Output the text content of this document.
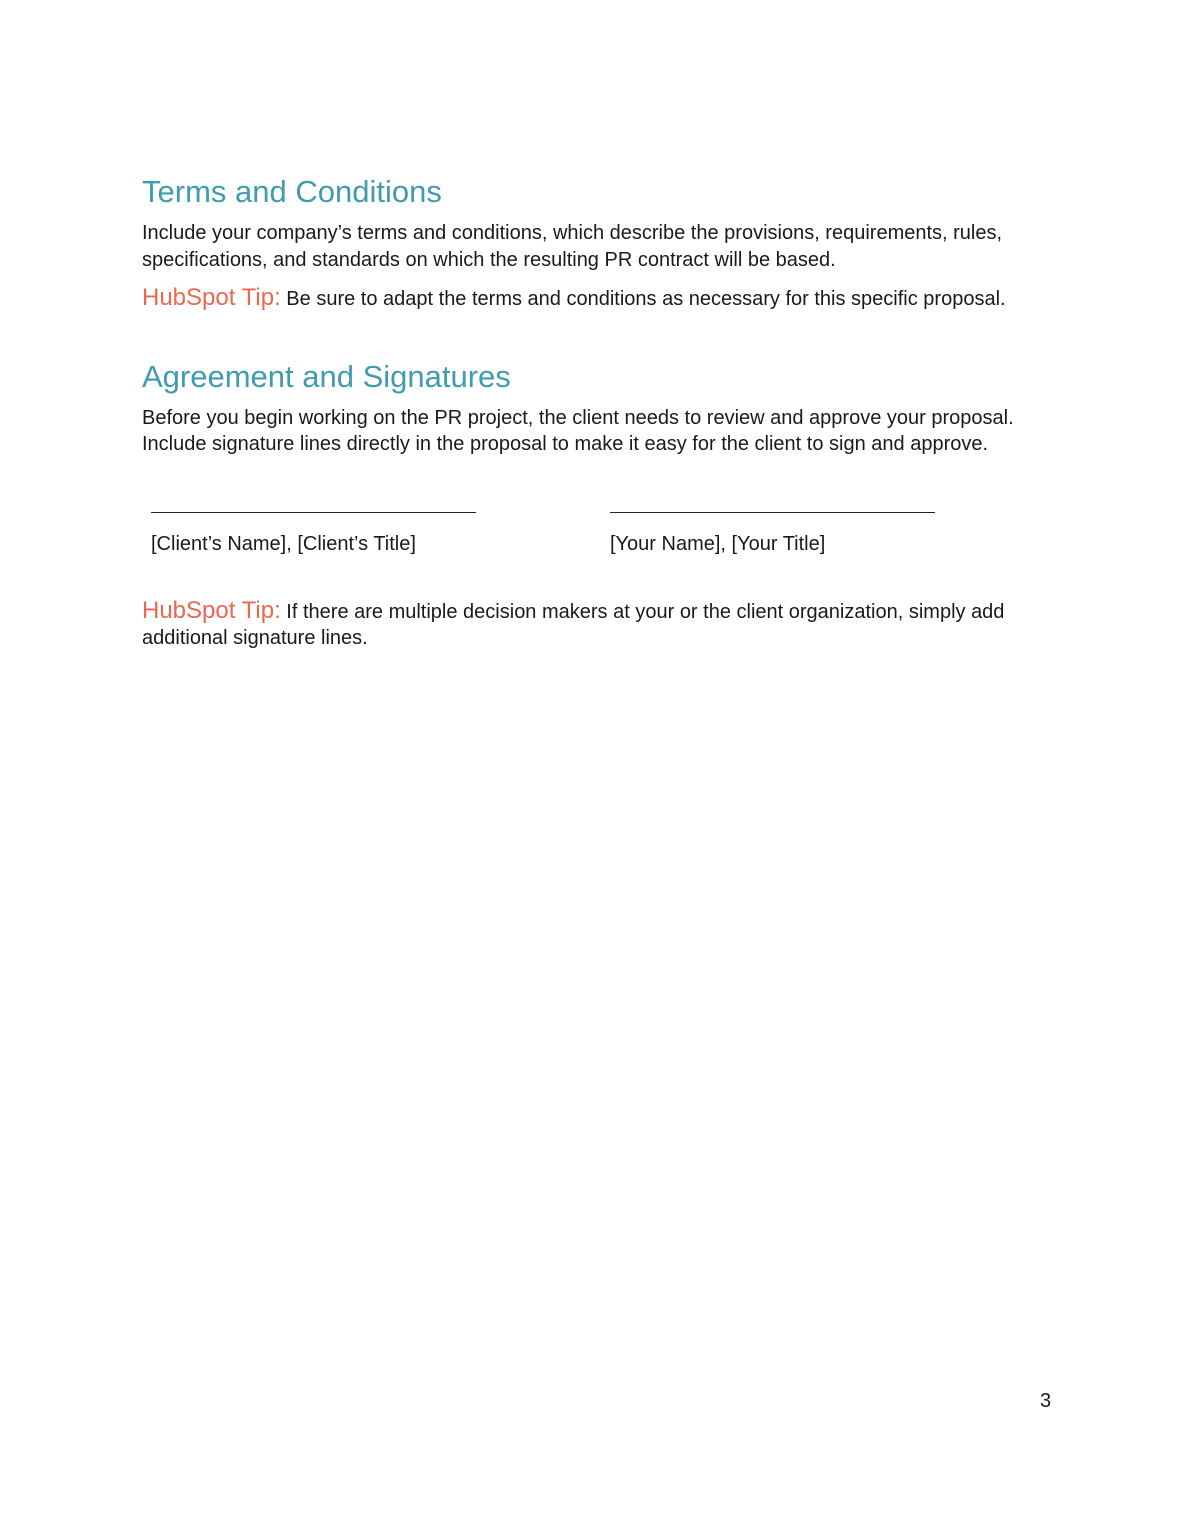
Terms and Conditions

Include your company’s terms and conditions, which describe the provisions, requirements, rules, specifications, and standards on which the resulting PR contract will be based.

HubSpot Tip: Be sure to adapt the terms and conditions as necessary for this specific proposal.

Agreement and Signatures

Before you begin working on the PR project, the client needs to review and approve your proposal. Include signature lines directly in the proposal to make it easy for the client to sign and approve.

[Client’s Name], [Client’s Title]	[Your Name], [Your Title]

HubSpot Tip: If there are multiple decision makers at your or the client organization, simply add additional signature lines.

3
